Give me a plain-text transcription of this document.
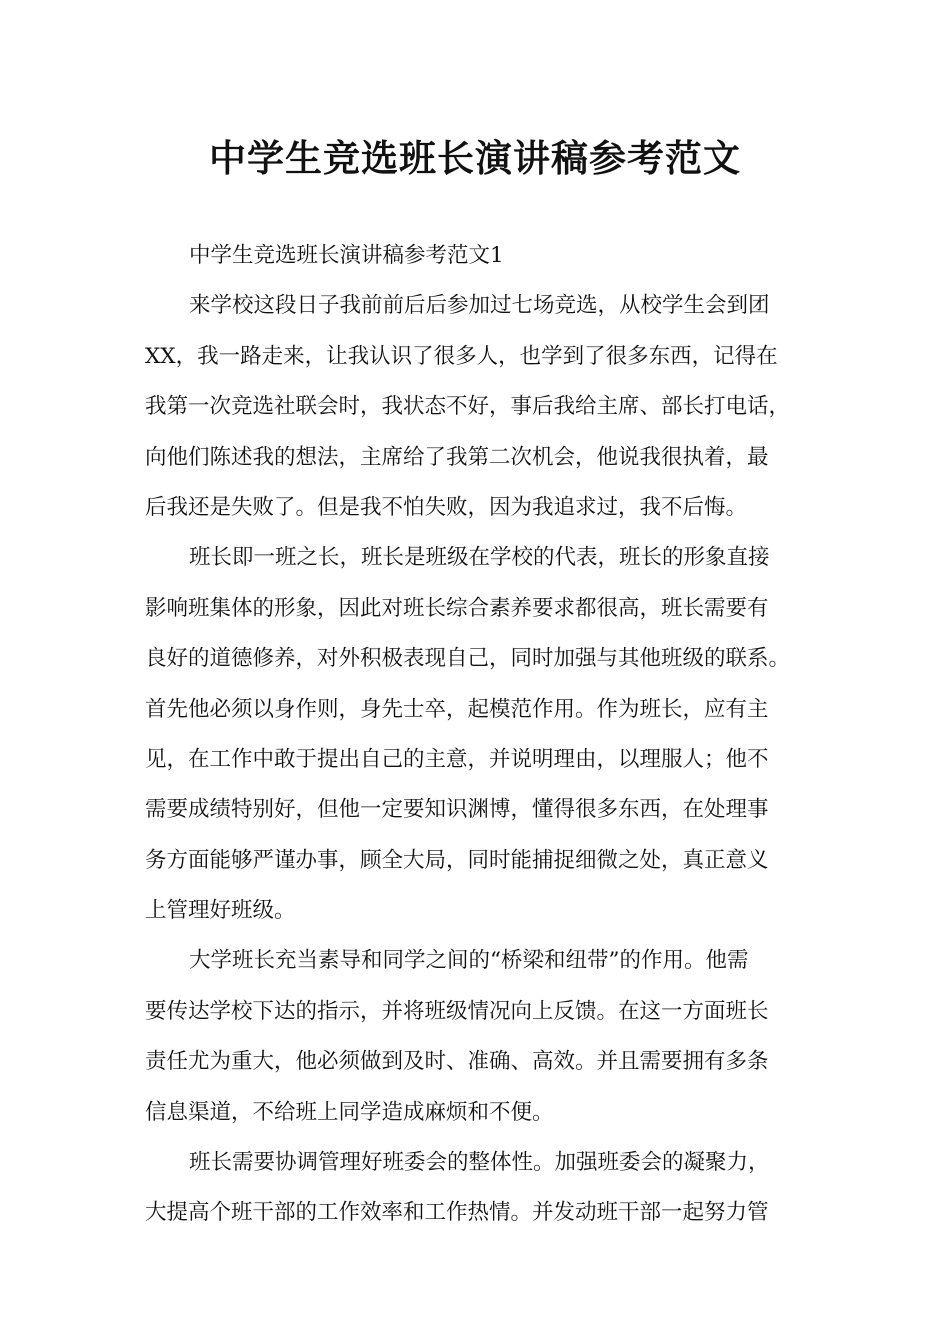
中学生竞选班长演讲稿参考范文
中学生竞选班长演讲稿参考范文1
来学校这段日子我前前后后参加过七场竞选，从校学生会到团
XX，我一路走来，让我认识了很多人，也学到了很多东西，记得在
我第一次竞选社联会时，我状态不好，事后我给主席、部长打电话，
向他们陈述我的想法，主席给了我第二次机会，他说我很执着，最
后我还是失败了。但是我不怕失败，因为我追求过，我不后悔。
班长即一班之长，班长是班级在学校的代表，班长的形象直接
影响班集体的形象，因此对班长综合素养要求都很高，班长需要有
良好的道德修养，对外积极表现自己，同时加强与其他班级的联系。
首先他必须以身作则，身先士卒，起模范作用。作为班长，应有主
见，在工作中敢于提出自己的主意，并说明理由，以理服人；他不
需要成绩特别好，但他一定要知识渊博，懂得很多东西，在处理事
务方面能够严谨办事，顾全大局，同时能捕捉细微之处，真正意义
上管理好班级。
大学班长充当素导和同学之间的“桥梁和纽带”的作用。他需
要传达学校下达的指示，并将班级情况向上反馈。在这一方面班长
责任尤为重大，他必须做到及时、准确、高效。并且需要拥有多条
信息渠道，不给班上同学造成麻烦和不便。
班长需要协调管理好班委会的整体性。加强班委会的凝聚力，
大提高个班干部的工作效率和工作热情。并发动班干部一起努力管
